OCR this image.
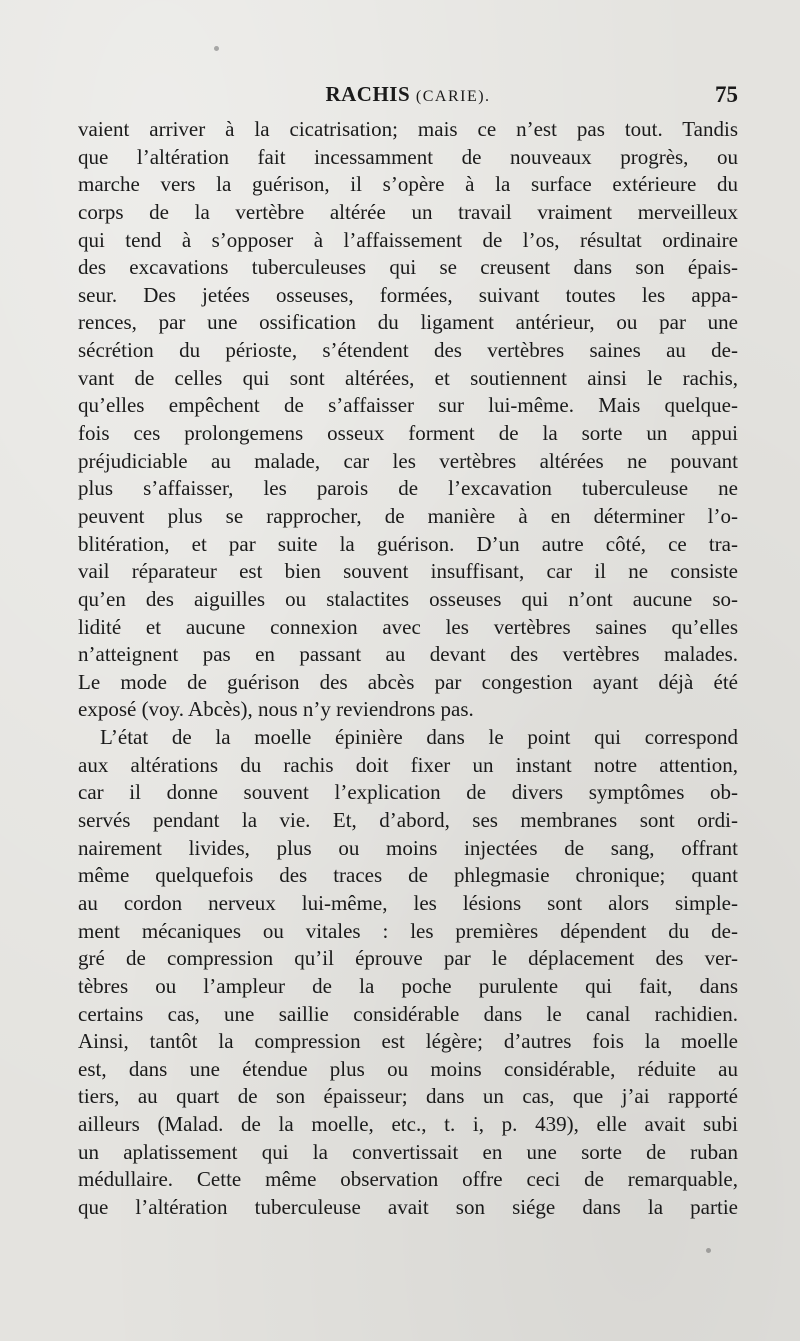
RACHIS (CARIE).	75
vaient arriver à la cicatrisation; mais ce n’est pas tout. Tandis
que l’altération fait incessamment de nouveaux progrès, ou
marche vers la guérison, il s’opère à la surface extérieure du
corps de la vertèbre altérée un travail vraiment merveilleux
qui tend à s’opposer à l’affaissement de l’os, résultat ordinaire
des excavations tuberculeuses qui se creusent dans son épais-
seur. Des jetées osseuses, formées, suivant toutes les appa-
rences, par une ossification du ligament antérieur, ou par une
sécrétion du périoste, s’étendent des vertèbres saines au de-
vant de celles qui sont altérées, et soutiennent ainsi le rachis,
qu’elles empêchent de s’affaisser sur lui-même. Mais quelque-
fois ces prolongemens osseux forment de la sorte un appui
préjudiciable au malade, car les vertèbres altérées ne pouvant
plus s’affaisser, les parois de l’excavation tuberculeuse ne
peuvent plus se rapprocher, de manière à en déterminer l’o-
blitération, et par suite la guérison. D’un autre côté, ce tra-
vail réparateur est bien souvent insuffisant, car il ne consiste
qu’en des aiguilles ou stalactites osseuses qui n’ont aucune so-
lidité et aucune connexion avec les vertèbres saines qu’elles
n’atteignent pas en passant au devant des vertèbres malades.
Le mode de guérison des abcès par congestion ayant déjà été
exposé (voy. Abcès), nous n’y reviendrons pas.
L’état de la moelle épinière dans le point qui correspond
aux altérations du rachis doit fixer un instant notre attention,
car il donne souvent l’explication de divers symptômes ob-
servés pendant la vie. Et, d’abord, ses membranes sont ordi-
nairement livides, plus ou moins injectées de sang, offrant
même quelquefois des traces de phlegmasie chronique; quant
au cordon nerveux lui-même, les lésions sont alors simple-
ment mécaniques ou vitales : les premières dépendent du de-
gré de compression qu’il éprouve par le déplacement des ver-
tèbres ou l’ampleur de la poche purulente qui fait, dans
certains cas, une saillie considérable dans le canal rachidien.
Ainsi, tantôt la compression est légère; d’autres fois la moelle
est, dans une étendue plus ou moins considérable, réduite au
tiers, au quart de son épaisseur; dans un cas, que j’ai rapporté
ailleurs (Malad. de la moelle, etc., t. i, p. 439), elle avait subi
un aplatissement qui la convertissait en une sorte de ruban
médullaire. Cette même observation offre ceci de remarquable,
que l’altération tuberculeuse avait son siége dans la partie
